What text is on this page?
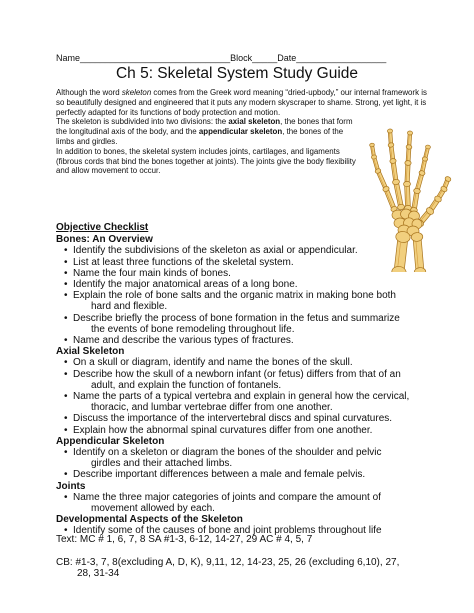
Name______________________________Block_____Date__________________
Ch 5: Skeletal System Study Guide

Although the word skeleton comes from the Greek word meaning “dried-upbody,” our internal framework is so beautifully designed and engineered that it puts any modern skyscraper to shame. Strong, yet light, it is perfectly adapted for its functions of body protection and motion.

The skeleton is subdivided into two divisions: the axial skeleton, the bones that form the longitudinal axis of the body, and the appendicular skeleton, the bones of the limbs and girdles.

In addition to bones, the skeletal system includes joints, cartilages, and ligaments (fibrous cords that bind the bones together at joints). The joints give the body flexibility and allow movement to occur.

Objective Checklist
Bones: An Overview
• Identify the subdivisions of the skeleton as axial or appendicular.
• List at least three functions of the skeletal system.
• Name the four main kinds of bones.
• Identify the major anatomical areas of a long bone.
• Explain the role of bone salts and the organic matrix in making bone both
hard and flexible.
• Describe briefly the process of bone formation in the fetus and summarize
the events of bone remodeling throughout life.
• Name and describe the various types of fractures.
Axial Skeleton
• On a skull or diagram, identify and name the bones of the skull.
• Describe how the skull of a newborn infant (or fetus) differs from that of an
adult, and explain the function of fontanels.
• Name the parts of a typical vertebra and explain in general how the cervical,
thoracic, and lumbar vertebrae differ from one another.
• Discuss the importance of the intervertebral discs and spinal curvatures.
• Explain how the abnormal spinal curvatures differ from one another.
Appendicular Skeleton
• Identify on a skeleton or diagram the bones of the shoulder and pelvic
girdles and their attached limbs.
• Describe important differences between a male and female pelvis.
Joints
• Name the three major categories of joints and compare the amount of
movement allowed by each.
Developmental Aspects of the Skeleton
• Identify some of the causes of bone and joint problems throughout life
Text: MC # 1, 6, 7, 8 SA #1-3, 6-12, 14-27, 29 AC # 4, 5, 7
CB: #1-3, 7, 8(excluding A, D, K), 9,11, 12, 14-23, 25, 26 (excluding 6,10), 27,
28, 31-34
